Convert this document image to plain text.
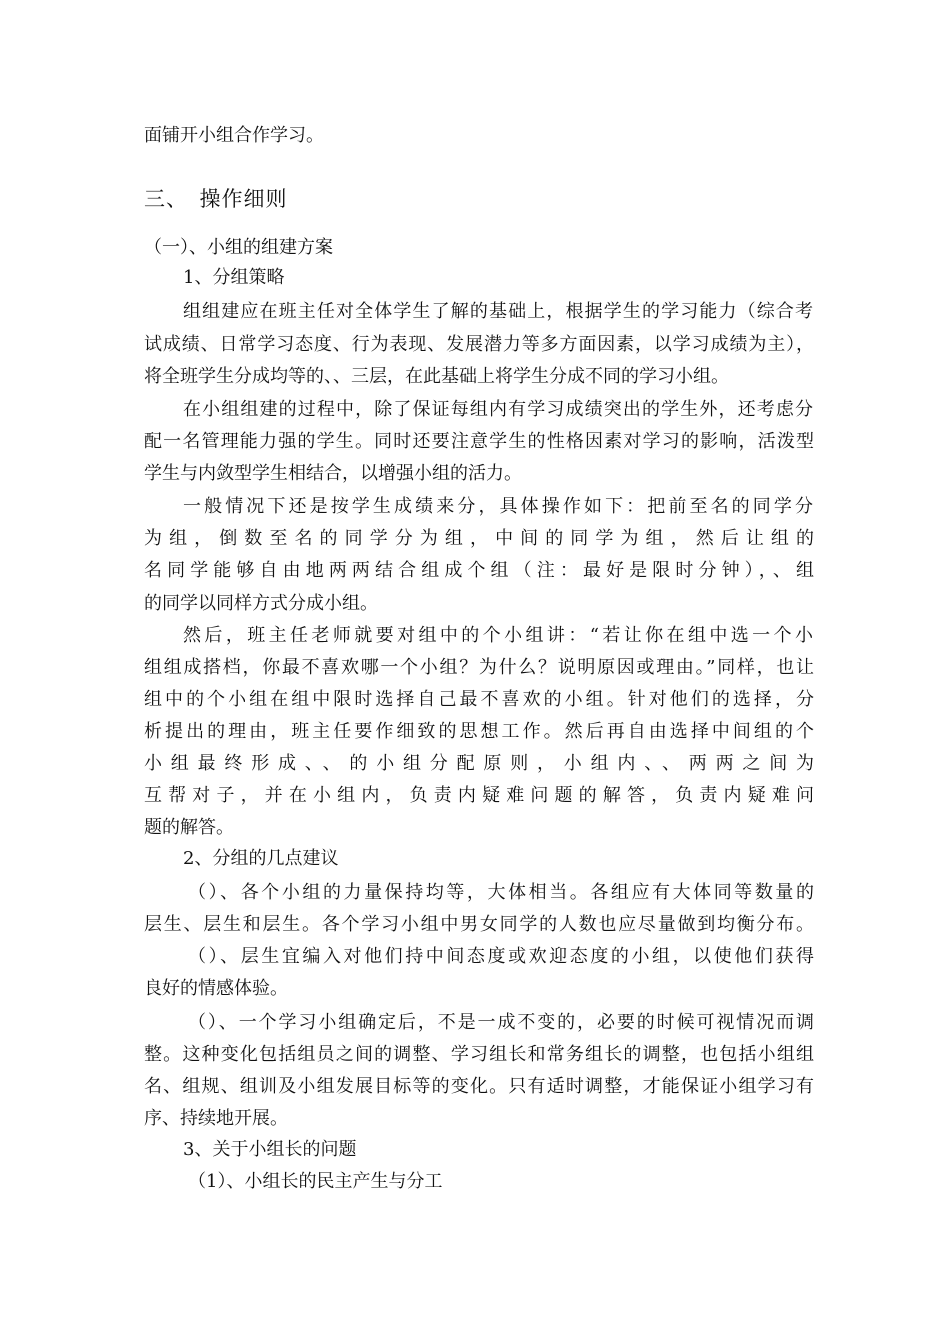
面铺开小组合作学习。
三、　操作细则
（一）、小组的组建方案
1、分组策略
组组建应在班主任对全体学生了解的基础上，根据学生的学习能力（综合考
试成绩、日常学习态度、行为表现、发展潜力等多方面因素，以学习成绩为主），
将全班学生分成均等的、、三层，在此基础上将学生分成不同的学习小组。
在小组组建的过程中，除了保证每组内有学习成绩突出的学生外，还考虑分
配一名管理能力强的学生。同时还要注意学生的性格因素对学习的影响，活泼型
学生与内敛型学生相结合，以增强小组的活力。
一般情况下还是按学生成绩来分，具体操作如下：把前至名的同学分
为组，倒数至名的同学分为组，中间的同学为组，然后让组的
名同学能够自由地两两结合组成个组（注：最好是限时分钟），、组
的同学以同样方式分成小组。
然后，班主任老师就要对组中的个小组讲：“若让你在组中选一个小
组组成搭档，你最不喜欢哪一个小组？为什么？说明原因或理由。”同样，也让
组中的个小组在组中限时选择自己最不喜欢的小组。针对他们的选择，分
析提出的理由，班主任要作细致的思想工作。然后再自由选择中间组的个
小组最终形成、、的小组分配原则，小组内、、两两之间为
互帮对子，并在小组内，负责内疑难问题的解答，负责内疑难问
题的解答。
2、分组的几点建议
（）、各个小组的力量保持均等，大体相当。各组应有大体同等数量的
层生、层生和层生。各个学习小组中男女同学的人数也应尽量做到均衡分布。
（）、层生宜编入对他们持中间态度或欢迎态度的小组，以使他们获得
良好的情感体验。
（）、一个学习小组确定后，不是一成不变的，必要的时候可视情况而调
整。这种变化包括组员之间的调整、学习组长和常务组长的调整，也包括小组组
名、组规、组训及小组发展目标等的变化。只有适时调整，才能保证小组学习有
序、持续地开展。
3、关于小组长的问题
（1）、小组长的民主产生与分工
